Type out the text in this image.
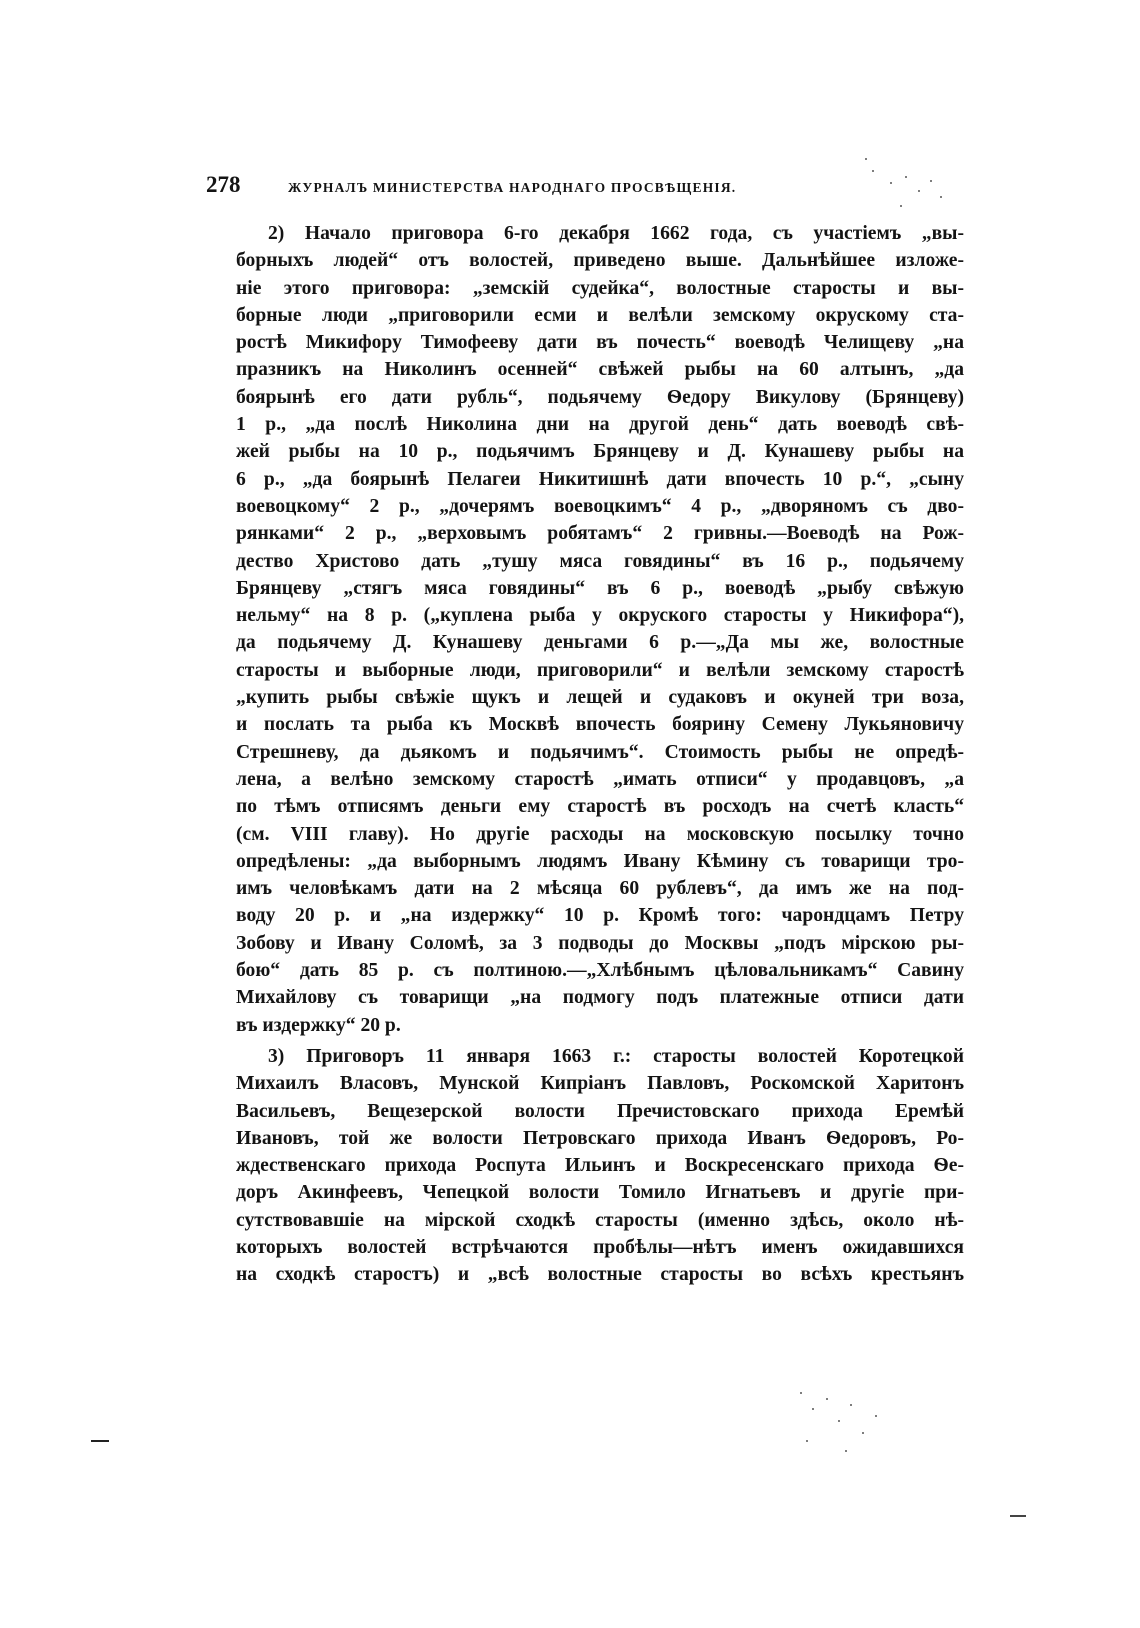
278	ЖУРНАЛЪ МИНИСТЕРСТВА НАРОДНАГО ПРОСВѢЩЕНІЯ.
2) Начало приговора 6-го декабря 1662 года, съ участіемъ „вы-
борныхъ людей“ отъ волостей, приведено выше. Дальнѣйшее изложе-
ніе этого приговора: „земскій судейка“, волостные старосты и вы-
борные люди „приговорили есми и велѣли земскому окрускому ста-
ростѣ Микифору Тимофееву дати въ почесть“ воеводѣ Челищеву „на
празникъ на Николинъ осенней“ свѣжей рыбы на 60 алтынъ, „да
боярынѣ его дати рубль“, подьячему Ѳедору Викулову (Брянцеву)
1 р., „да послѣ Николина дни на другой день“ дать воеводѣ свѣ-
жей рыбы на 10 р., подьячимъ Брянцеву и Д. Кунашеву рыбы на
6 р., „да боярынѣ Пелагеи Никитишнѣ дати впочесть 10 р.“, „сыну
воевоцкому“ 2 р., „дочерямъ воевоцкимъ“ 4 р., „дворяномъ съ дво-
рянками“ 2 р., „верховымъ робятамъ“ 2 гривны.—Воеводѣ на Рож-
дество Христово дать „тушу мяса говядины“ въ 16 р., подьячему
Брянцеву „стягъ мяса говядины“ въ 6 р., воеводѣ „рыбу свѣжую
нельму“ на 8 р. („куплена рыба у окруского старосты у Никифора“),
да подьячему Д. Кунашеву деньгами 6 р.—„Да мы же, волостные
старосты и выборные люди, приговорили“ и велѣли земскому старостѣ
„купить рыбы свѣжіе щукъ и лещей и судаковъ и окуней три воза,
и послать та рыба къ Москвѣ впочесть боярину Семену Лукьяновичу
Стрешневу, да дьякомъ и подьячимъ“. Стоимость рыбы не опредѣ-
лена, а велѣно земскому старостѣ „имать отписи“ у продавцовъ, „а
по тѣмъ отписямъ деньги ему старостѣ въ росходъ на счетѣ класть“
(см. VIII главу). Но другіе расходы на московскую посылку точно
опредѣлены: „да выборнымъ людямъ Ивану Кѣмину съ товарищи тро-
имъ человѣкамъ дати на 2 мѣсяца 60 рублевъ“, да имъ же на под-
воду 20 р. и „на издержку“ 10 р. Кромѣ того: чарондцамъ Петру
Зобову и Ивану Соломѣ, за 3 подводы до Москвы „подъ мірскою ры-
бою“ дать 85 р. съ полтиною.—„Хлѣбнымъ цѣловальникамъ“ Савину
Михайлову съ товарищи „на подмогу подъ платежные отписи дати
въ издержку“ 20 р.
3) Приговоръ 11 января 1663 г.: старосты волостей Коротецкой
Михаилъ Власовъ, Мунской Кипріанъ Павловъ, Роскомской Харитонъ
Васильевъ, Вещезерской волости Пречистовскаго прихода Еремѣй
Ивановъ, той же волости Петровскаго прихода Иванъ Ѳедоровъ, Ро-
ждественскаго прихода Роспута Ильинъ и Воскресенскаго прихода Ѳе-
доръ Акинфеевъ, Чепецкой волости Томило Игнатьевъ и другіе при-
сутствовавшіе на мірской сходкѣ старосты (именно здѣсь, около нѣ-
которыхъ волостей встрѣчаются пробѣлы—нѣтъ именъ ожидавшихся
на сходкѣ старостъ) и „всѣ волостные старосты во всѣхъ крестьянъ
